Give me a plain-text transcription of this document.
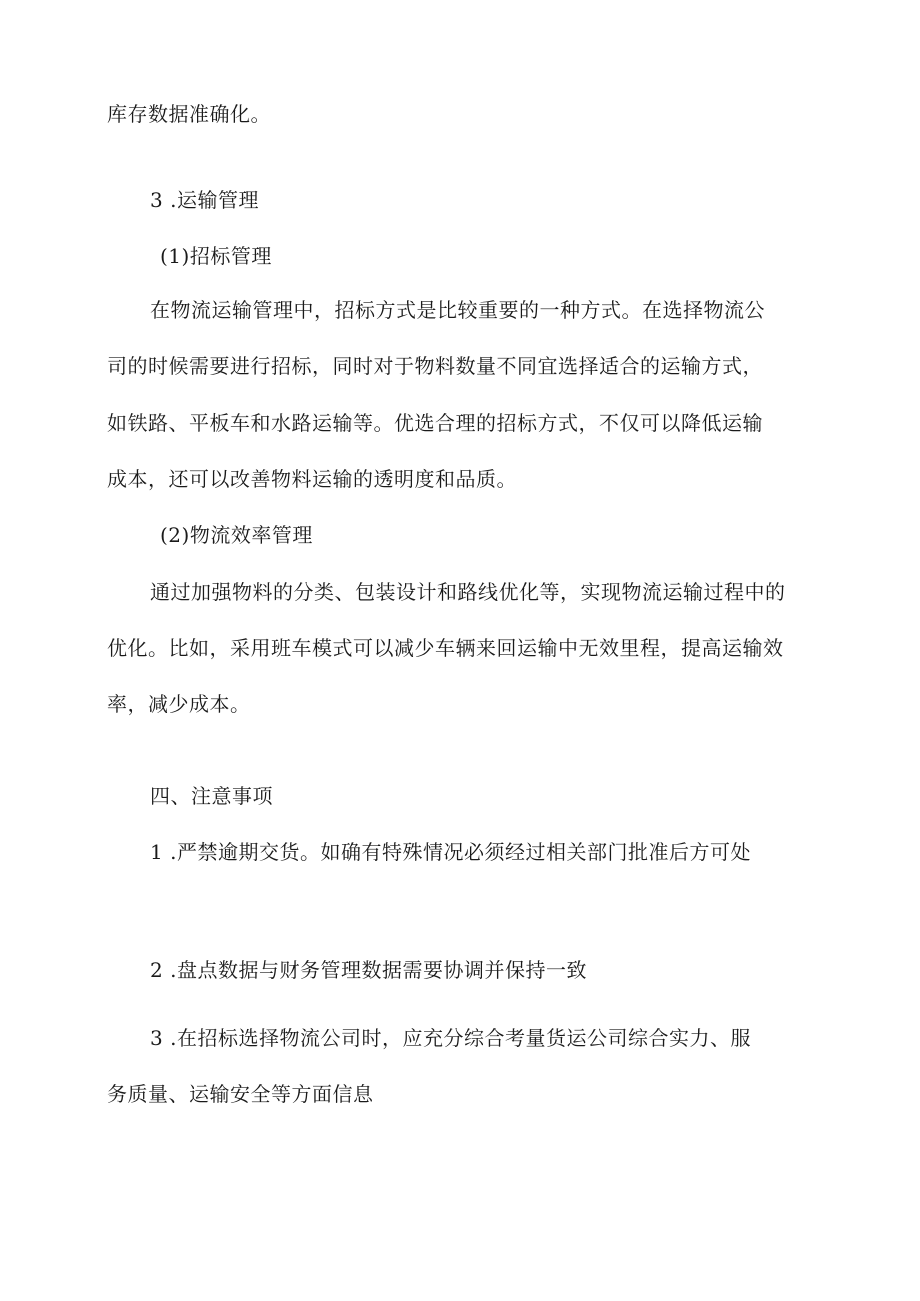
库存数据准确化。
3 .运输管理
(1)招标管理
在物流运输管理中，招标方式是比较重要的一种方式。在选择物流公
司的时候需要进行招标，同时对于物料数量不同宜选择适合的运输方式，
如铁路、平板车和水路运输等。优选合理的招标方式，不仅可以降低运输
成本，还可以改善物料运输的透明度和品质。
(2)物流效率管理
通过加强物料的分类、包装设计和路线优化等，实现物流运输过程中的
优化。比如，采用班车模式可以减少车辆来回运输中无效里程，提高运输效
率，减少成本。
四、注意事项
1 .严禁逾期交货。如确有特殊情况必须经过相关部门批准后方可处
2 .盘点数据与财务管理数据需要协调并保持一致
3 .在招标选择物流公司时，应充分综合考量货运公司综合实力、服
务质量、运输安全等方面信息
